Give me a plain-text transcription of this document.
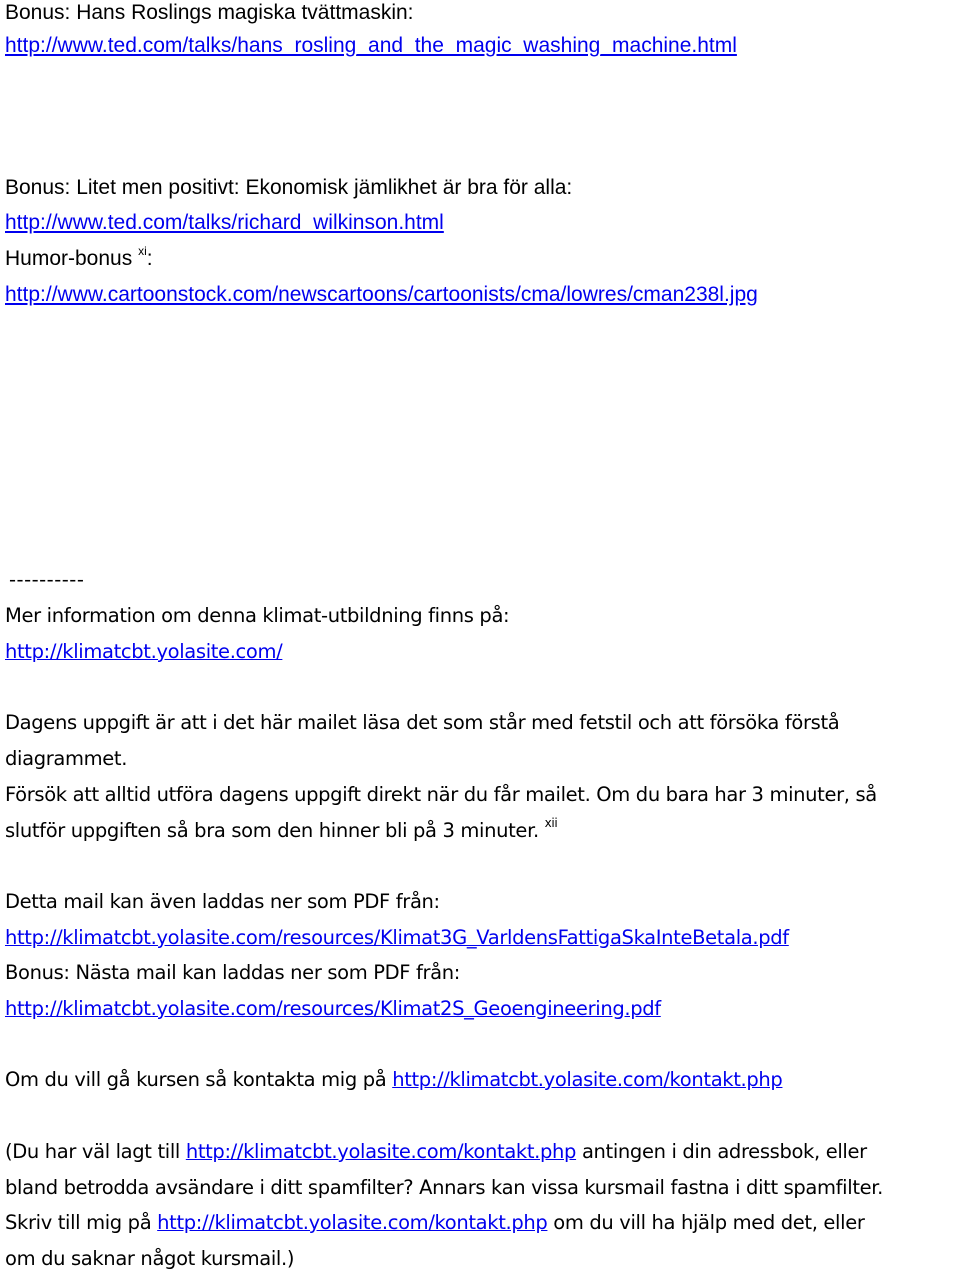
Bonus: Hans Roslings magiska tvättmaskin:
http://www.ted.com/talks/hans_rosling_and_the_magic_washing_machine.html
Bonus: Litet men positivt: Ekonomisk jämlikhet är bra för alla:
http://www.ted.com/talks/richard_wilkinson.html
Humor-bonus $^{xi}$:
http://www.cartoonstock.com/newscartoons/cartoonists/cma/lowres/cman238l.jpg
----------
Mer information om denna klimat-utbildning finns på:
http://klimatcbt.yolasite.com/
Dagens uppgift är att i det här mailet läsa det som står med fetstil och att försöka förstå
diagrammet.
Försök att alltid utföra dagens uppgift direkt när du får mailet. Om du bara har 3 minuter, så
slutför uppgiften så bra som den hinner bli på 3 minuter. $^{xii}$
Detta mail kan även laddas ner som PDF från:
http://klimatcbt.yolasite.com/resources/Klimat3G_VarldensFattigaSkaInteBetala.pdf
Bonus: Nästa mail kan laddas ner som PDF från:
http://klimatcbt.yolasite.com/resources/Klimat2S_Geoengineering.pdf
Om du vill gå kursen så kontakta mig på http://klimatcbt.yolasite.com/kontakt.php
(Du har väl lagt till http://klimatcbt.yolasite.com/kontakt.php antingen i din adressbok, eller
bland betrodda avsändare i ditt spamfilter? Annars kan vissa kursmail fastna i ditt spamfilter.
Skriv till mig på http://klimatcbt.yolasite.com/kontakt.php om du vill ha hjälp med det, eller
om du saknar något kursmail.)
